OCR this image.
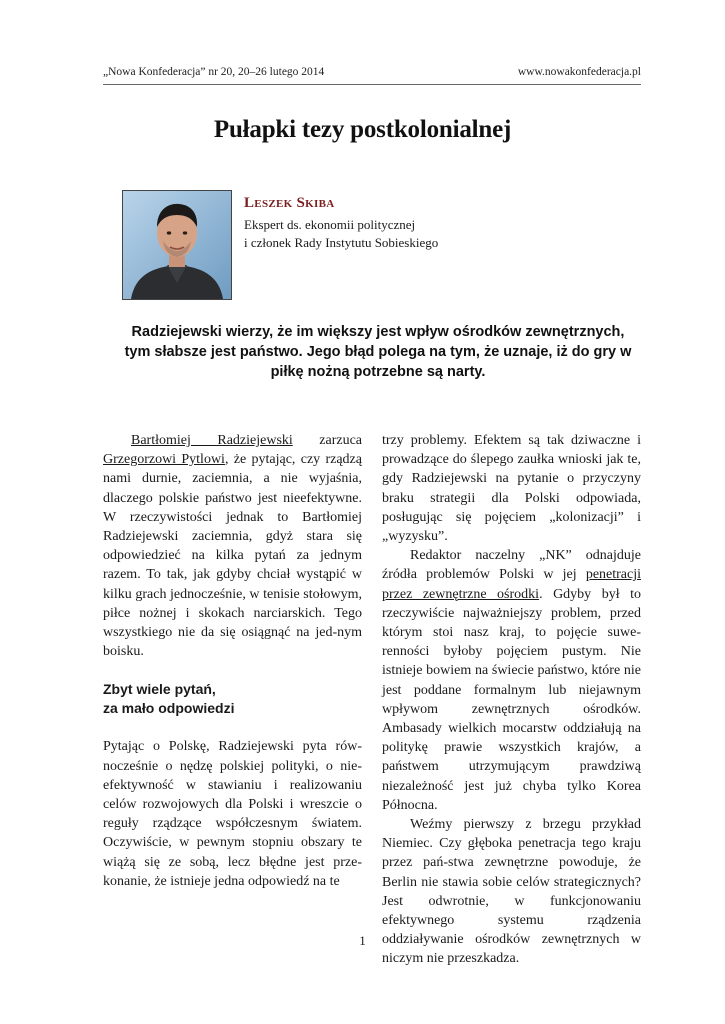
„Nowa Konfederacja” nr 20, 20–26 lutego 2014	www.nowakonfederacja.pl
Pułapki tezy postkolonialnej
Leszek Skiba
Ekspert ds. ekonomii politycznej
i członek Rady Instytutu Sobieskiego
Radziejewski wierzy, że im większy jest wpływ ośrodków zewnętrznych, tym słabsze jest państwo. Jego błąd polega na tym, że uznaje, iż do gry w piłkę nożną potrzebne są narty.

Bartłomiej Radziejewski zarzuca Grzegorzowi Pytlowi, że pytając, czy rządzą nami durnie, zaciemnia, a nie wyjaśnia, dlaczego polskie państwo jest nieefektywne. W rzeczywistości jednak to Bartłomiej Radziejewski zaciemnia, gdyż stara się odpowiedzieć na kilka pytań za jednym razem. To tak, jak gdyby chciał wystąpić w kilku grach jednocześnie, w tenisie stołowym, piłce nożnej i skokach narciarskich. Tego wszystkiego nie da się osiągnąć na jed-nym boisku.

Zbyt wiele pytań,
za mało odpowiedzi

Pytając o Polskę, Radziejewski pyta równocześnie o nędzę polskiej polityki, o nieefektywność w stawianiu i realizowaniu celów rozwojowych dla Polski i wreszcie o reguły rządzące współczesnym światem. Oczywiście, w pewnym stopniu obszary te wiążą się ze sobą, lecz błędne jest przekonanie, że istnieje jedna odpowiedź na te

trzy problemy. Efektem są tak dziwaczne i prowadzące do ślepego zaułka wnioski jak te, gdy Radziejewski na pytanie o przyczyny braku strategii dla Polski odpowiada, posługując się pojęciem „kolonizacji” i „wyzysku”.

Redaktor naczelny „NK” odnajduje źródła problemów Polski w jej penetracji przez zewnętrzne ośrodki. Gdyby był to rzeczywiście najważniejszy problem, przed którym stoi nasz kraj, to pojęcie suwerenności byłoby pojęciem pustym. Nie istnieje bowiem na świecie państwo, które nie jest poddane formalnym lub niejawnym wpływom zewnętrznych ośrodków. Ambasady wielkich mocarstw oddziałują na politykę prawie wszystkich krajów, a państwem utrzymującym prawdziwą niezależność jest już chyba tylko Korea Północna.

Weźmy pierwszy z brzegu przykład Niemiec. Czy głęboka penetracja tego kraju przez pań-stwa zewnętrzne powoduje, że Berlin nie stawia sobie celów strategicznych? Jest odwrotnie, w funkcjonowaniu efektywnego systemu rządzenia oddziaływanie ośrodków zewnętrznych w niczym nie przeszkadza.

1
